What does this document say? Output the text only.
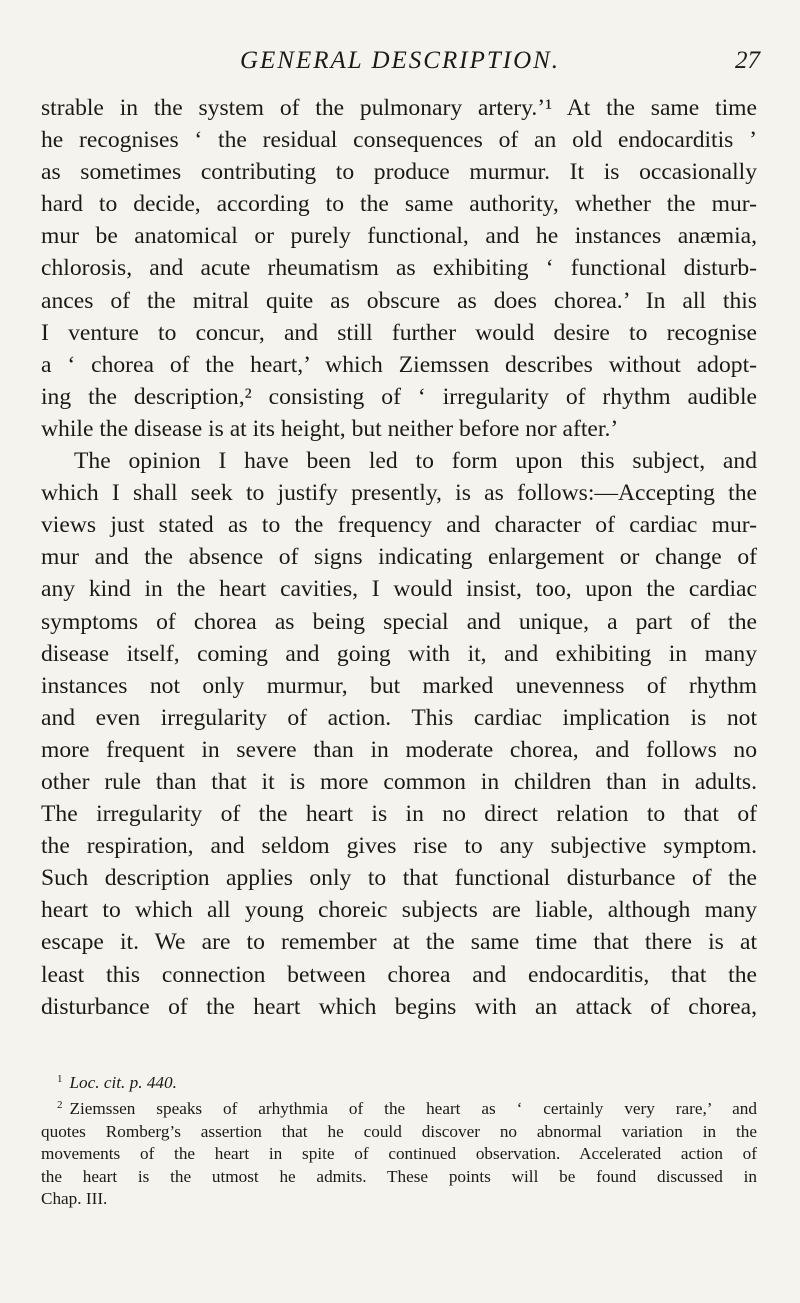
GENERAL DESCRIPTION.	27
strable in the system of the pulmonary artery.’¹ At the same time
he recognises ‘ the residual consequences of an old endocarditis ’
as sometimes contributing to produce murmur. It is occasionally
hard to decide, according to the same authority, whether the mur-
mur be anatomical or purely functional, and he instances anæmia,
chlorosis, and acute rheumatism as exhibiting ‘ functional disturb-
ances of the mitral quite as obscure as does chorea.’ In all this
I venture to concur, and still further would desire to recognise
a ‘ chorea of the heart,’ which Ziemssen describes without adopt-
ing the description,² consisting of ‘ irregularity of rhythm audible
while the disease is at its height, but neither before nor after.’
The opinion I have been led to form upon this subject, and
which I shall seek to justify presently, is as follows:—Accepting the
views just stated as to the frequency and character of cardiac mur-
mur and the absence of signs indicating enlargement or change of
any kind in the heart cavities, I would insist, too, upon the cardiac
symptoms of chorea as being special and unique, a part of the
disease itself, coming and going with it, and exhibiting in many
instances not only murmur, but marked unevenness of rhythm
and even irregularity of action. This cardiac implication is not
more frequent in severe than in moderate chorea, and follows no
other rule than that it is more common in children than in adults.
The irregularity of the heart is in no direct relation to that of
the respiration, and seldom gives rise to any subjective symptom.
Such description applies only to that functional disturbance of the
heart to which all young choreic subjects are liable, although many
escape it. We are to remember at the same time that there is at
least this connection between chorea and endocarditis, that the
disturbance of the heart which begins with an attack of chorea,
$^1$ Loc. cit. p. 440.
$^2$ Ziemssen speaks of arhythmia of the heart as ‘ certainly very rare,’ and
quotes Romberg’s assertion that he could discover no abnormal variation in the
movements of the heart in spite of continued observation. Accelerated action of
the heart is the utmost he admits. These points will be found discussed in
Chap. III.
